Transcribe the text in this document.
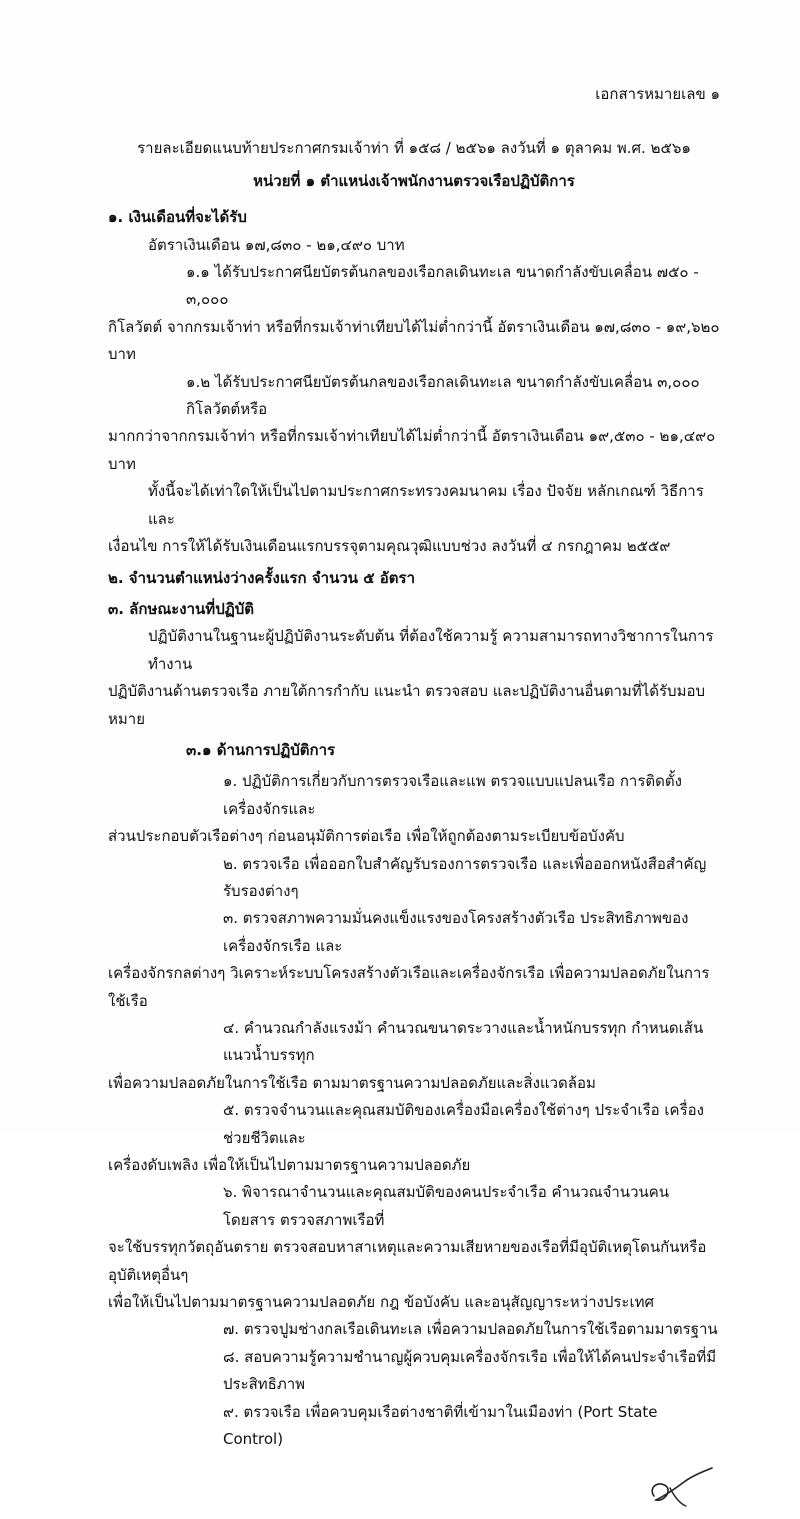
เอกสารหมายเลข ๑
รายละเอียดแนบท้ายประกาศกรมเจ้าท่า ที่ ๑๕๘ / ๒๕๖๑ ลงวันที่ ๑ ตุลาคม พ.ศ. ๒๕๖๑
หน่วยที่ ๑ ตำแหน่งเจ้าพนักงานตรวจเรือปฏิบัติการ
๑. เงินเดือนที่จะได้รับ
อัตราเงินเดือน ๑๗,๘๓๐ - ๒๑,๔๙๐ บาท
๑.๑ ได้รับประกาศนียบัตรต้นกลของเรือกลเดินทะเล ขนาดกำลังขับเคลื่อน ๗๕๐ - ๓,๐๐๐
กิโลวัตต์ จากกรมเจ้าท่า หรือที่กรมเจ้าท่าเทียบได้ไม่ต่ำกว่านี้ อัตราเงินเดือน ๑๗,๘๓๐ - ๑๙,๖๒๐ บาท
๑.๒ ได้รับประกาศนียบัตรต้นกลของเรือกลเดินทะเล ขนาดกำลังขับเคลื่อน ๓,๐๐๐ กิโลวัตต์หรือ
มากกว่าจากกรมเจ้าท่า หรือที่กรมเจ้าท่าเทียบได้ไม่ต่ำกว่านี้ อัตราเงินเดือน ๑๙,๕๓๐ - ๒๑,๔๙๐ บาท
ทั้งนี้จะได้เท่าใดให้เป็นไปตามประกาศกระทรวงคมนาคม เรื่อง ปัจจัย หลักเกณฑ์ วิธีการและ
เงื่อนไข การให้ได้รับเงินเดือนแรกบรรจุตามคุณวุฒิแบบช่วง ลงวันที่ ๔ กรกฎาคม ๒๕๕๙
๒. จำนวนตำแหน่งว่างครั้งแรก จำนวน ๕ อัตรา
๓. ลักษณะงานที่ปฏิบัติ
ปฏิบัติงานในฐานะผู้ปฏิบัติงานระดับต้น ที่ต้องใช้ความรู้ ความสามารถทางวิชาการในการทำงาน
ปฏิบัติงานด้านตรวจเรือ ภายใต้การกำกับ แนะนำ ตรวจสอบ และปฏิบัติงานอื่นตามที่ได้รับมอบหมาย
๓.๑ ด้านการปฏิบัติการ
๑. ปฏิบัติการเกี่ยวกับการตรวจเรือและแพ ตรวจแบบแปลนเรือ การติดตั้งเครื่องจักรและ
ส่วนประกอบตัวเรือต่างๆ ก่อนอนุมัติการต่อเรือ เพื่อให้ถูกต้องตามระเบียบข้อบังคับ
๒. ตรวจเรือ เพื่อออกใบสำคัญรับรองการตรวจเรือ และเพื่อออกหนังสือสำคัญรับรองต่างๆ
๓. ตรวจสภาพความมั่นคงแข็งแรงของโครงสร้างตัวเรือ ประสิทธิภาพของเครื่องจักรเรือ และ
เครื่องจักรกลต่างๆ วิเคราะห์ระบบโครงสร้างตัวเรือและเครื่องจักรเรือ เพื่อความปลอดภัยในการใช้เรือ
๔. คำนวณกำลังแรงม้า คำนวณขนาดระวางและน้ำหนักบรรทุก กำหนดเส้นแนวน้ำบรรทุก
เพื่อความปลอดภัยในการใช้เรือ ตามมาตรฐานความปลอดภัยและสิ่งแวดล้อม
๕. ตรวจจำนวนและคุณสมบัติของเครื่องมือเครื่องใช้ต่างๆ ประจำเรือ เครื่องช่วยชีวิตและ
เครื่องดับเพลิง เพื่อให้เป็นไปตามมาตรฐานความปลอดภัย
๖. พิจารณาจำนวนและคุณสมบัติของคนประจำเรือ คำนวณจำนวนคนโดยสาร ตรวจสภาพเรือที่
จะใช้บรรทุกวัตถุอันตราย ตรวจสอบหาสาเหตุและความเสียหายของเรือที่มีอุบัติเหตุโดนกันหรืออุบัติเหตุอื่นๆ
เพื่อให้เป็นไปตามมาตรฐานความปลอดภัย กฎ ข้อบังคับ และอนุสัญญาระหว่างประเทศ
๗. ตรวจปูมช่างกลเรือเดินทะเล เพื่อความปลอดภัยในการใช้เรือตามมาตรฐาน
๘. สอบความรู้ความชำนาญผู้ควบคุมเครื่องจักรเรือ เพื่อให้ได้คนประจำเรือที่มีประสิทธิภาพ
๙. ตรวจเรือ เพื่อควบคุมเรือต่างชาติที่เข้ามาในเมืองท่า (Port State Control)
